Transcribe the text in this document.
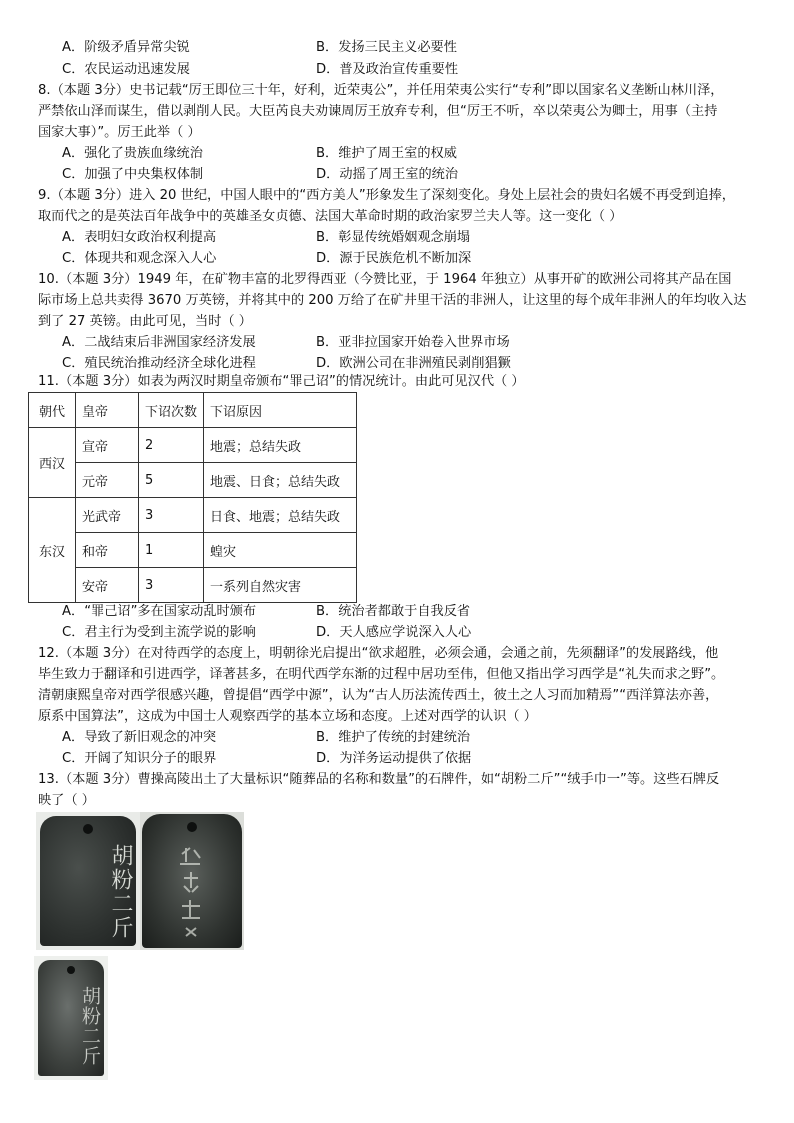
A．阶级矛盾异常尖锐	B．发扬三民主义必要性
C．农民运动迅速发展	D．普及政治宣传重要性
8.（本题 3分）史书记载“厉王即位三十年，好利，近荣夷公”，并任用荣夷公实行“专利”即以国家名义垄断山林川泽，
严禁依山泽而谋生，借以剥削人民。大臣芮良夫劝谏周厉王放弃专利，但“厉王不听，卒以荣夷公为卿士，用事（主持
国家大事）”。厉王此举（ ）
A．强化了贵族血缘统治	B．维护了周王室的权威
C．加强了中央集权体制	D．动摇了周王室的统治
9.（本题 3分）进入 20 世纪，中国人眼中的“西方美人”形象发生了深刻变化。身处上层社会的贵妇名媛不再受到追捧，
取而代之的是英法百年战争中的英雄圣女贞德、法国大革命时期的政治家罗兰夫人等。这一变化（ ）
A．表明妇女政治权利提高	B．彰显传统婚姻观念崩塌
C．体现共和观念深入人心	D．源于民族危机不断加深
10.（本题 3分）1949 年，在矿物丰富的北罗得西亚（今赞比亚，于 1964 年独立）从事开矿的欧洲公司将其产品在国
际市场上总共卖得 3670 万英镑，并将其中的 200 万给了在矿井里干活的非洲人，让这里的每个成年非洲人的年均收入达
到了 27 英镑。由此可见，当时（ ）
A．二战结束后非洲国家经济发展	B．亚非拉国家开始卷入世界市场
C．殖民统治推动经济全球化进程	D．欧洲公司在非洲殖民剥削猖獗
11.（本题 3分）如表为两汉时期皇帝颁布“罪己诏”的情况统计。由此可见汉代（ ）
朝代	皇帝	下诏次数	下诏原因
西汉	宣帝	2	地震；总结失政
	元帝	5	地震、日食；总结失政
东汉	光武帝	3	日食、地震；总结失政
	和帝	1	蝗灾
	安帝	3	一系列自然灾害
A．“罪己诏”多在国家动乱时颁布	B．统治者都敢于自我反省
C．君主行为受到主流学说的影响	D．天人感应学说深入人心
12.（本题 3分）在对待西学的态度上，明朝徐光启提出“欲求超胜，必须会通，会通之前，先须翻译”的发展路线，他
毕生致力于翻译和引进西学，译著甚多，在明代西学东渐的过程中居功至伟，但他又指出学习西学是“礼失而求之野”。
清朝康熙皇帝对西学很感兴趣，曾提倡“西学中源”，认为“古人历法流传西土，彼土之人习而加精焉”“西洋算法亦善，
原系中国算法”，这成为中国士人观察西学的基本立场和态度。上述对西学的认识（ ）
A．导致了新旧观念的冲突	B．维护了传统的封建统治
C．开阔了知识分子的眼界	D．为洋务运动提供了依据
13.（本题 3分）曹操高陵出土了大量标识“随葬品的名称和数量”的石牌件，如“胡粉二斤”“绒手巾一”等。这些石牌反
映了（ ）
胡粉二斤
胡粉二斤
